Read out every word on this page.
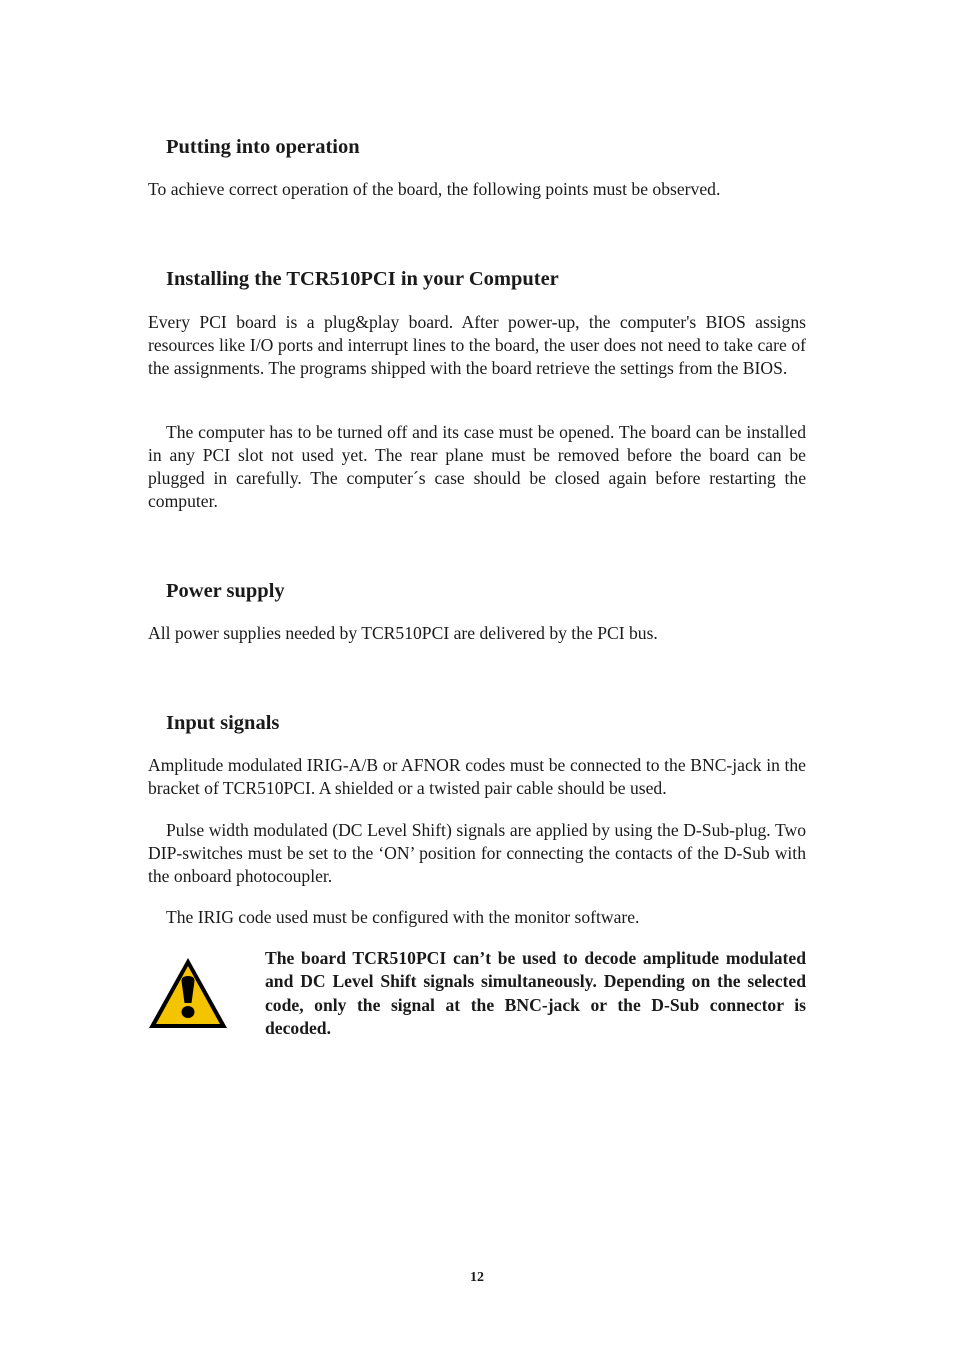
Putting into operation

To achieve correct operation of the board, the following points must be observed.

Installing the TCR510PCI in your Computer

Every PCI board is a plug&play board. After power-up, the computer's BIOS assigns resources like I/O ports and interrupt lines to the board, the user does not need to take care of the assignments. The programs shipped with the board retrieve the settings from the BIOS.

The computer has to be turned off and its case must be opened. The board can be installed in any PCI slot not used yet. The rear plane must be removed before the board can be plugged in carefully. The computer´s case should be closed again before restarting the computer.

Power supply

All power supplies needed by TCR510PCI are delivered by the PCI bus.

Input signals

Amplitude modulated IRIG-A/B or AFNOR codes must be connected to the BNC-jack in the bracket of TCR510PCI. A shielded or a twisted pair cable should be used.

Pulse width modulated (DC Level Shift) signals are applied by using the D-Sub-plug. Two DIP-switches must be set to the ‘ON’ position for connecting the contacts of the D-Sub with the onboard photocoupler.

The IRIG code used must be configured with the monitor software.

The board TCR510PCI can’t be used to decode amplitude modulated and DC Level Shift signals simultaneously. Depending on the selected code, only the signal at the BNC-jack or the D-Sub connector is decoded.

12
